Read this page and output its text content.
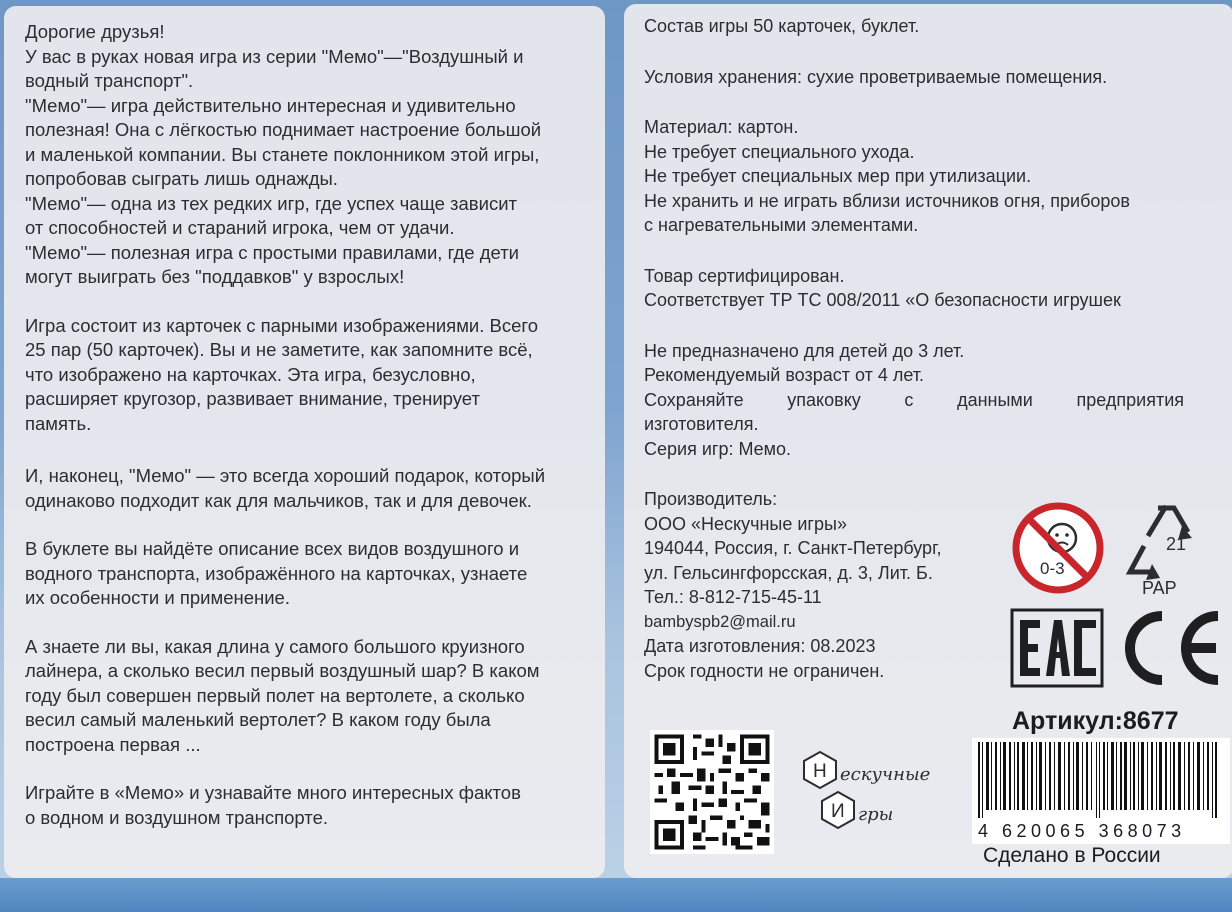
Дорогие друзья!

У вас в руках новая игра из серии "Мемо"—"Воздушный и

водный транспорт".

"Мемо"— игра действительно интересная и удивительно

полезная! Она с лёгкостью поднимает настроение большой

и маленькой компании. Вы станете поклонником этой игры,

попробовав сыграть лишь однажды.

"Мемо"— одна из тех редких игр, где успех чаще зависит

от способностей и стараний игрока, чем от удачи.

"Мемо"— полезная игра с простыми правилами, где дети

могут выиграть без "поддавков" у взрослых!

Игра состоит из карточек с парными изображениями. Всего

25 пар (50 карточек). Вы и не заметите, как запомните всё,

что изображено на карточках. Эта игра, безусловно,

расширяет кругозор, развивает внимание, тренирует

память.

И, наконец, "Мемо" — это всегда хороший подарок, который

одинаково подходит как для мальчиков, так и для девочек.

В буклете вы найдёте описание всех видов воздушного и

водного транспорта, изображённого на карточках, узнаете

их особенности и применение.

А знаете ли вы, какая длина у самого большого круизного

лайнера, а сколько весил первый воздушный шар? В каком

году был совершен первый полет на вертолете, а сколько

весил самый маленький вертолет? В каком году была

построена первая ...

Играйте в «Мемо» и узнавайте много интересных фактов

о водном и воздушном транспорте.

Состав игры 50 карточек, буклет.

Условия хранения: сухие проветриваемые помещения.

Материал: картон.

Не требует специального ухода.

Не требует специальных мер при утилизации.

Не хранить и не играть вблизи источников огня, приборов

с нагревательными элементами.

Товар сертифицирован.

Соответствует ТР ТС 008/2011 «О безопасности игрушек

Не предназначено для детей до 3 лет.

Рекомендуемый возраст от 4 лет.

Сохраняйте упаковку с данными предприятия

изготовителя.

Серия игр: Мемо.

Производитель:

ООО «Нескучные игры»

194044, Россия, г. Санкт-Петербург,

ул. Гельсингфорсская, д. 3, Лит. Б.

Тел.: 8-812-715-45-11

bambyspb2@mail.ru

Дата изготовления: 08.2023

Срок годности не ограничен.

0-3
21
PAP
Артикул:8677
Н
И
ескучные
гры
4 620065 368073
Сделано в России
